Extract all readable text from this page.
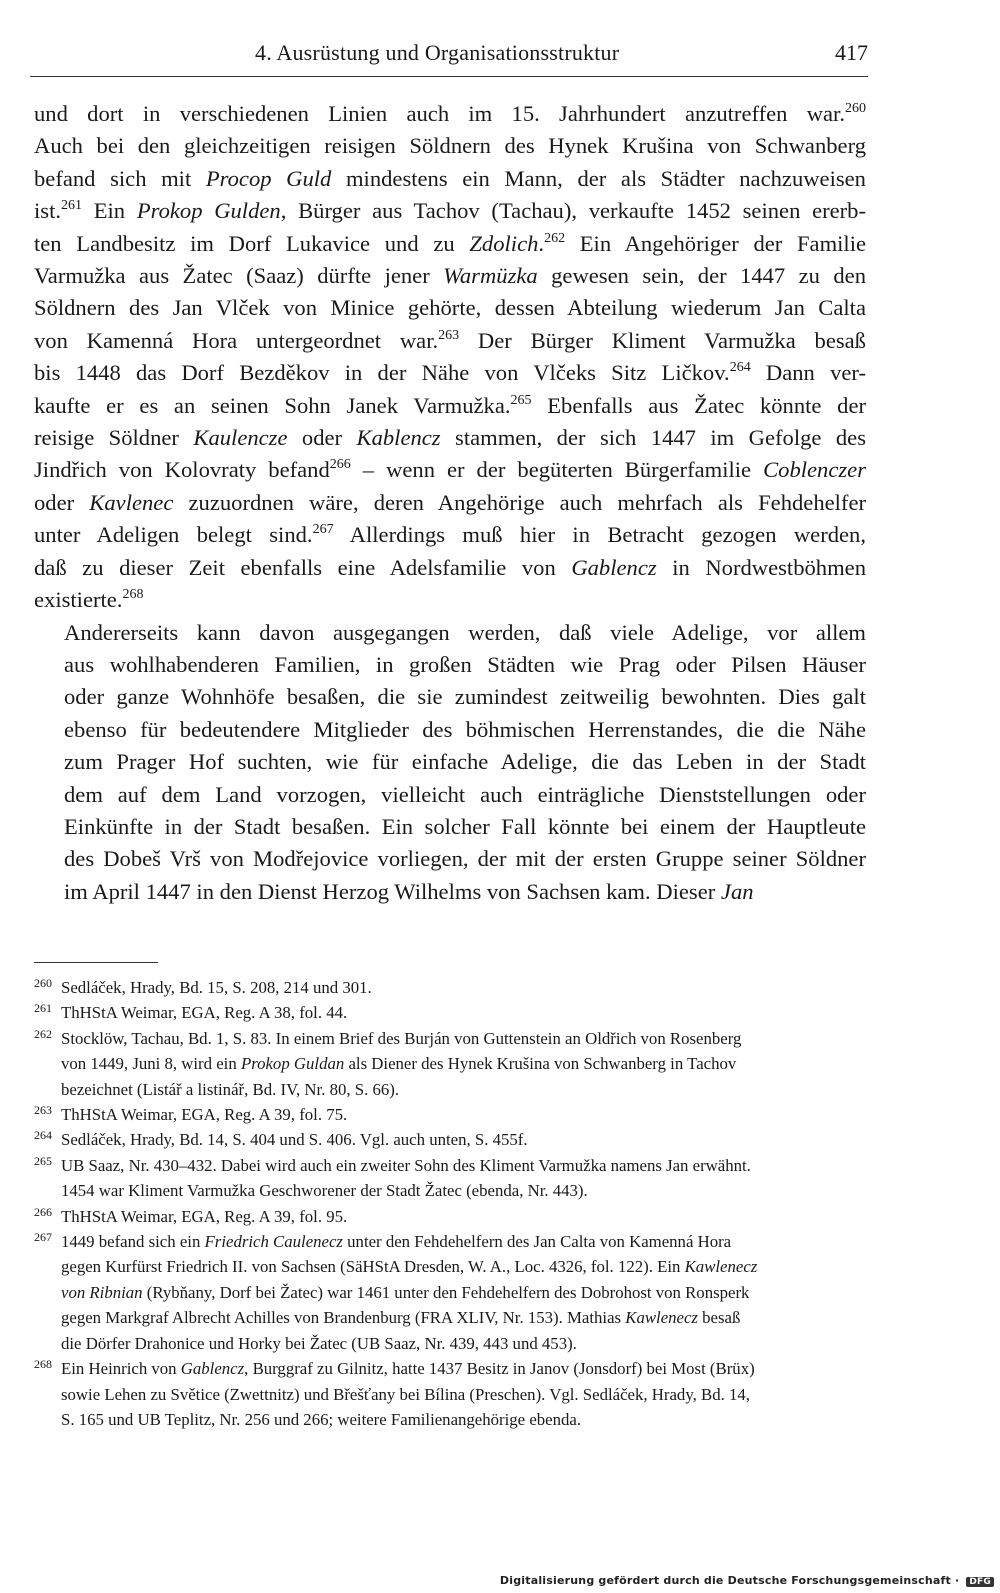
4. Ausrüstung und Organisationsstruktur	417

und dort in verschiedenen Linien auch im 15. Jahrhundert anzutreffen war.$^{260}$
Auch bei den gleichzeitigen reisigen Söldnern des Hynek Krušina von Schwanberg
befand sich mit Procop Guld mindestens ein Mann, der als Städter nachzuweisen
ist.$^{261}$ Ein Prokop Gulden, Bürger aus Tachov (Tachau), verkaufte 1452 seinen ererb-
ten Landbesitz im Dorf Lukavice und zu Zdolich.$^{262}$ Ein Angehöriger der Familie
Varmužka aus Žatec (Saaz) dürfte jener Warmüzka gewesen sein, der 1447 zu den
Söldnern des Jan Vlček von Minice gehörte, dessen Abteilung wiederum Jan Calta
von Kamenná Hora untergeordnet war.$^{263}$ Der Bürger Kliment Varmužka besaß
bis 1448 das Dorf Bezděkov in der Nähe von Vlčeks Sitz Ličkov.$^{264}$ Dann ver-
kaufte er es an seinen Sohn Janek Varmužka.$^{265}$ Ebenfalls aus Žatec könnte der
reisige Söldner Kaulencze oder Kablencz stammen, der sich 1447 im Gefolge des
Jindřich von Kolovraty befand$^{266}$ – wenn er der begüterten Bürgerfamilie Coblenczer
oder Kavlenec zuzuordnen wäre, deren Angehörige auch mehrfach als Fehdehelfer
unter Adeligen belegt sind.$^{267}$ Allerdings muß hier in Betracht gezogen werden,
daß zu dieser Zeit ebenfalls eine Adelsfamilie von Gablencz in Nordwestböhmen
existierte.$^{268}$

Andererseits kann davon ausgegangen werden, daß viele Adelige, vor allem
aus wohlhabenderen Familien, in großen Städten wie Prag oder Pilsen Häuser
oder ganze Wohnhöfe besaßen, die sie zumindest zeitweilig bewohnten. Dies galt
ebenso für bedeutendere Mitglieder des böhmischen Herrenstandes, die die Nähe
zum Prager Hof suchten, wie für einfache Adelige, die das Leben in der Stadt
dem auf dem Land vorzogen, vielleicht auch einträgliche Dienststellungen oder
Einkünfte in der Stadt besaßen. Ein solcher Fall könnte bei einem der Hauptleute
des Dobeš Vrš von Modřejovice vorliegen, der mit der ersten Gruppe seiner Söldner
im April 1447 in den Dienst Herzog Wilhelms von Sachsen kam. Dieser Jan

260 Sedláček, Hrady, Bd. 15, S. 208, 214 und 301.
261 ThHStA Weimar, EGA, Reg. A 38, fol. 44.
262 Stocklöw, Tachau, Bd. 1, S. 83. In einem Brief des Burján von Guttenstein an Oldřich von Rosenberg
von 1449, Juni 8, wird ein Prokop Guldan als Diener des Hynek Krušina von Schwanberg in Tachov
bezeichnet (Listář a listinář, Bd. IV, Nr. 80, S. 66).
263 ThHStA Weimar, EGA, Reg. A 39, fol. 75.
264 Sedláček, Hrady, Bd. 14, S. 404 und S. 406. Vgl. auch unten, S. 455f.
265 UB Saaz, Nr. 430–432. Dabei wird auch ein zweiter Sohn des Kliment Varmužka namens Jan erwähnt.
1454 war Kliment Varmužka Geschworener der Stadt Žatec (ebenda, Nr. 443).
266 ThHStA Weimar, EGA, Reg. A 39, fol. 95.
267 1449 befand sich ein Friedrich Caulenecz unter den Fehdehelfern des Jan Calta von Kamenná Hora
gegen Kurfürst Friedrich II. von Sachsen (SäHStA Dresden, W. A., Loc. 4326, fol. 122). Ein Kawlenecz
von Ribnian (Rybňany, Dorf bei Žatec) war 1461 unter den Fehdehelfern des Dobrohost von Ronsperk
gegen Markgraf Albrecht Achilles von Brandenburg (FRA XLIV, Nr. 153). Mathias Kawlenecz besaß
die Dörfer Drahonice und Horky bei Žatec (UB Saaz, Nr. 439, 443 und 453).
268 Ein Heinrich von Gablencz, Burggraf zu Gilnitz, hatte 1437 Besitz in Janov (Jonsdorf) bei Most (Brüx)
sowie Lehen zu Světice (Zwettnitz) und Břešťany bei Bílina (Preschen). Vgl. Sedláček, Hrady, Bd. 14,
S. 165 und UB Teplitz, Nr. 256 und 266; weitere Familienangehörige ebenda.
Digitalisierung gefördert durch die Deutsche Forschungsgemeinschaft · DFG
